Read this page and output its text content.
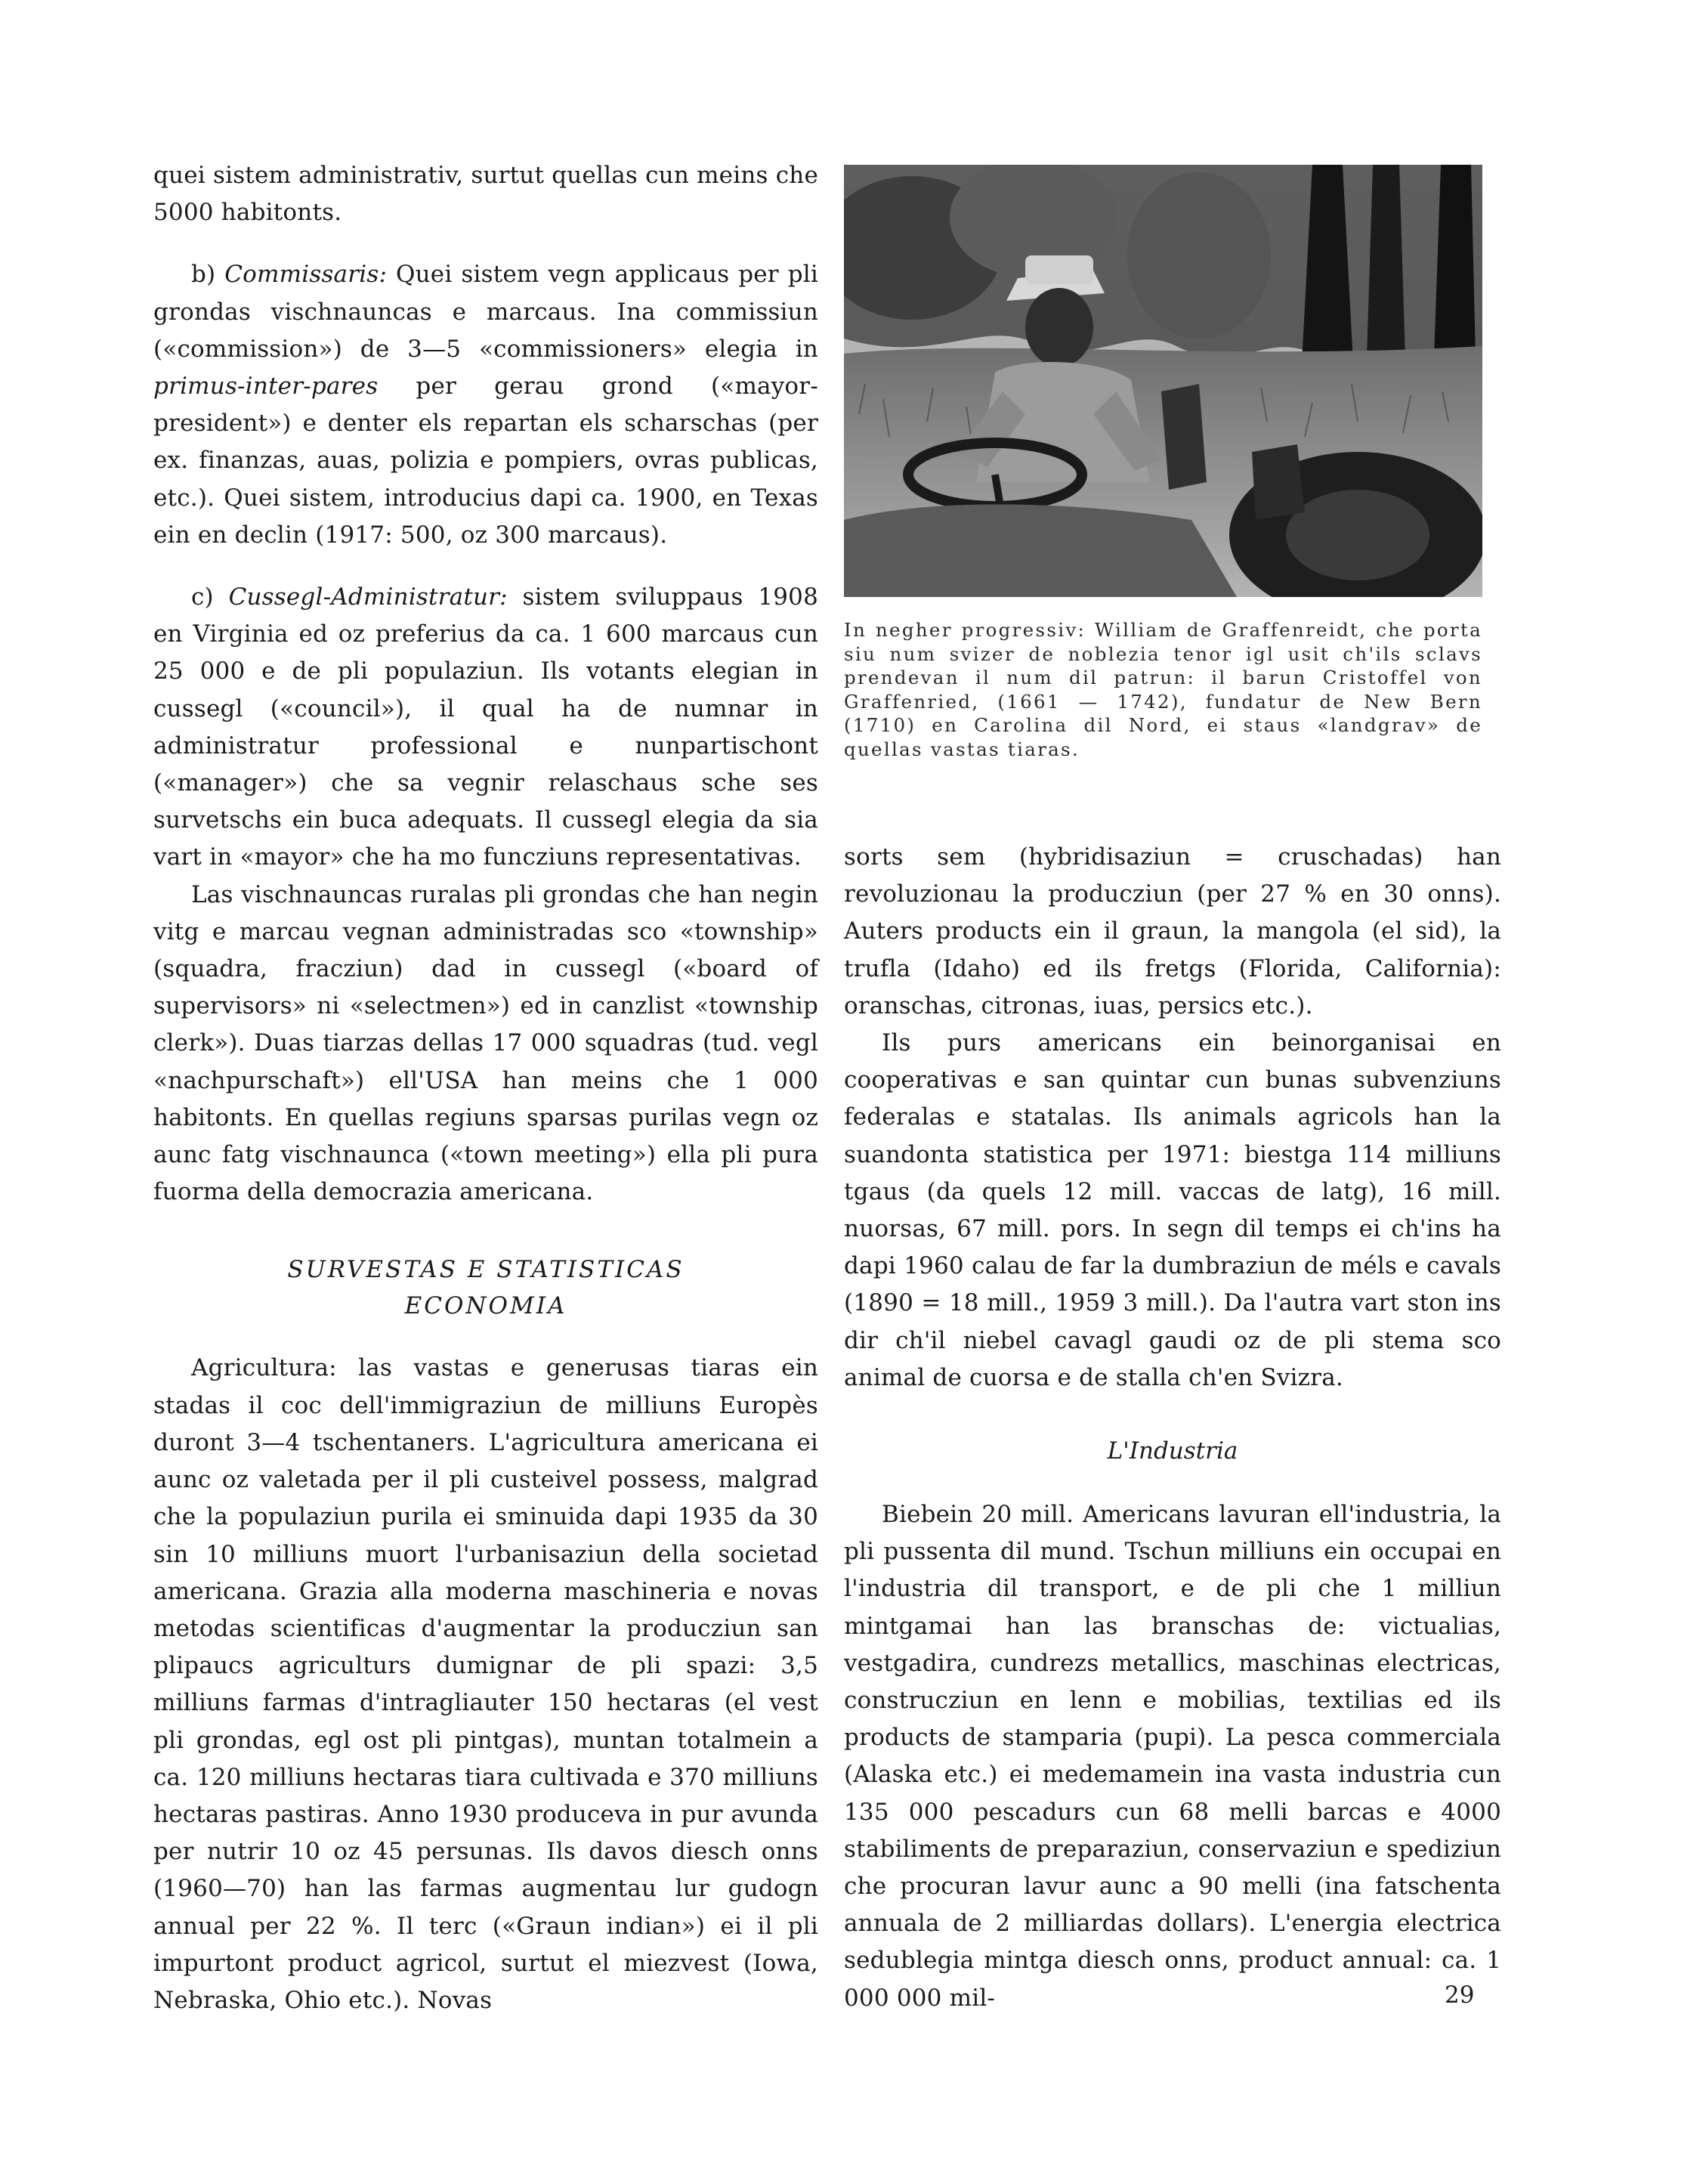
quei sistem administrativ, surtut quellas cun meins che 5000 habitonts.

b) Commissaris: Quei sistem vegn applicaus per pli grondas vischnauncas e marcaus. Ina commissiun («commission») de 3—5 «commissioners» elegia in primus-inter-pares per gerau grond («mayor-president») e denter els repartan els scharschas (per ex. finanzas, auas, polizia e pompiers, ovras publicas, etc.). Quei sistem, introducius dapi ca. 1900, en Texas ein en declin (1917: 500, oz 300 marcaus).

c) Cussegl-Administratur: sistem sviluppaus 1908 en Virginia ed oz preferius da ca. 1 600 marcaus cun 25 000 e de pli populaziun. Ils votants elegian in cussegl («council»), il qual ha de numnar in administratur professional e nunpartischont («manager») che sa vegnir relaschaus sche ses survetschs ein buca adequats. Il cussegl elegia da sia vart in «mayor» che ha mo funcziuns representativas.

Las vischnauncas ruralas pli grondas che han negin vitg e marcau vegnan administradas sco «township» (squadra, fracziun) dad in cussegl («board of supervisors» ni «selectmen») ed in canzlist «township clerk»). Duas tiarzas dellas 17 000 squadras (tud. vegl «nachpurschaft») ell'USA han meins che 1 000 habitonts. En quellas regiuns sparsas purilas vegn oz aunc fatg vischnaunca («town meeting») ella pli pura fuorma della democrazia americana.

SURVESTAS E STATISTICAS
ECONOMIA

Agricultura: las vastas e generusas tiaras ein stadas il coc dell'immigraziun de milliuns Europès duront 3—4 tschentaners. L'agricultura americana ei aunc oz valetada per il pli custeivel possess, malgrad che la populaziun purila ei sminuida dapi 1935 da 30 sin 10 milliuns muort l'urbanisaziun della societad americana. Grazia alla moderna maschineria e novas metodas scientificas d'augmentar la producziun san plipaucs agriculturs dumignar de pli spazi: 3,5 milliuns farmas d'intragliauter 150 hectaras (el vest pli grondas, egl ost pli pintgas), muntan totalmein a ca. 120 milliuns hectaras tiara cultivada e 370 milliuns hectaras pastiras. Anno 1930 produceva in pur avunda per nutrir 10 oz 45 persunas. Ils davos diesch onns (1960—70) han las farmas augmentau lur gudogn annual per 22 %. Il terc («Graun indian») ei il pli impurtont product agricol, surtut el miezvest (Iowa, Nebraska, Ohio etc.). Novas

In negher progressiv: William de Graffenreidt, che porta siu num svizer de noblezia tenor igl usit ch'ils sclavs prendevan il num dil patrun: il barun Cristoffel von Graffenried, (1661 — 1742), fundatur de New Bern (1710) en Carolina dil Nord, ei staus «landgrav» de quellas vastas tiaras.

sorts sem (hybridisaziun = cruschadas) han revoluzionau la producziun (per 27 % en 30 onns). Auters products ein il graun, la mangola (el sid), la trufla (Idaho) ed ils fretgs (Florida, California): oranschas, citronas, iuas, persics etc.).

Ils purs americans ein beinorganisai en cooperativas e san quintar cun bunas subvenziuns federalas e statalas. Ils animals agricols han la suandonta statistica per 1971: biestga 114 milliuns tgaus (da quels 12 mill. vaccas de latg), 16 mill. nuorsas, 67 mill. pors. In segn dil temps ei ch'ins ha dapi 1960 calau de far la dumbraziun de méls e cavals (1890 = 18 mill., 1959 3 mill.). Da l'autra vart ston ins dir ch'il niebel cavagl gaudi oz de pli stema sco animal de cuorsa e de stalla ch'en Svizra.

L'Industria

Biebein 20 mill. Americans lavuran ell'industria, la pli pussenta dil mund. Tschun milliuns ein occupai en l'industria dil transport, e de pli che 1 milliun mintgamai han las branschas de: victualias, vestgadira, cundrezs metallics, maschinas electricas, construcziun en lenn e mobilias, textilias ed ils products de stamparia (pupi). La pesca commerciala (Alaska etc.) ei medemamein ina vasta industria cun 135 000 pescadurs cun 68 melli barcas e 4000 stabiliments de preparaziun, conservaziun e spediziun che procuran lavur aunc a 90 melli (ina fatschenta annuala de 2 milliardas dollars). L'energia electrica sedublegia mintga diesch onns, product annual: ca. 1 000 000 mil-	29
